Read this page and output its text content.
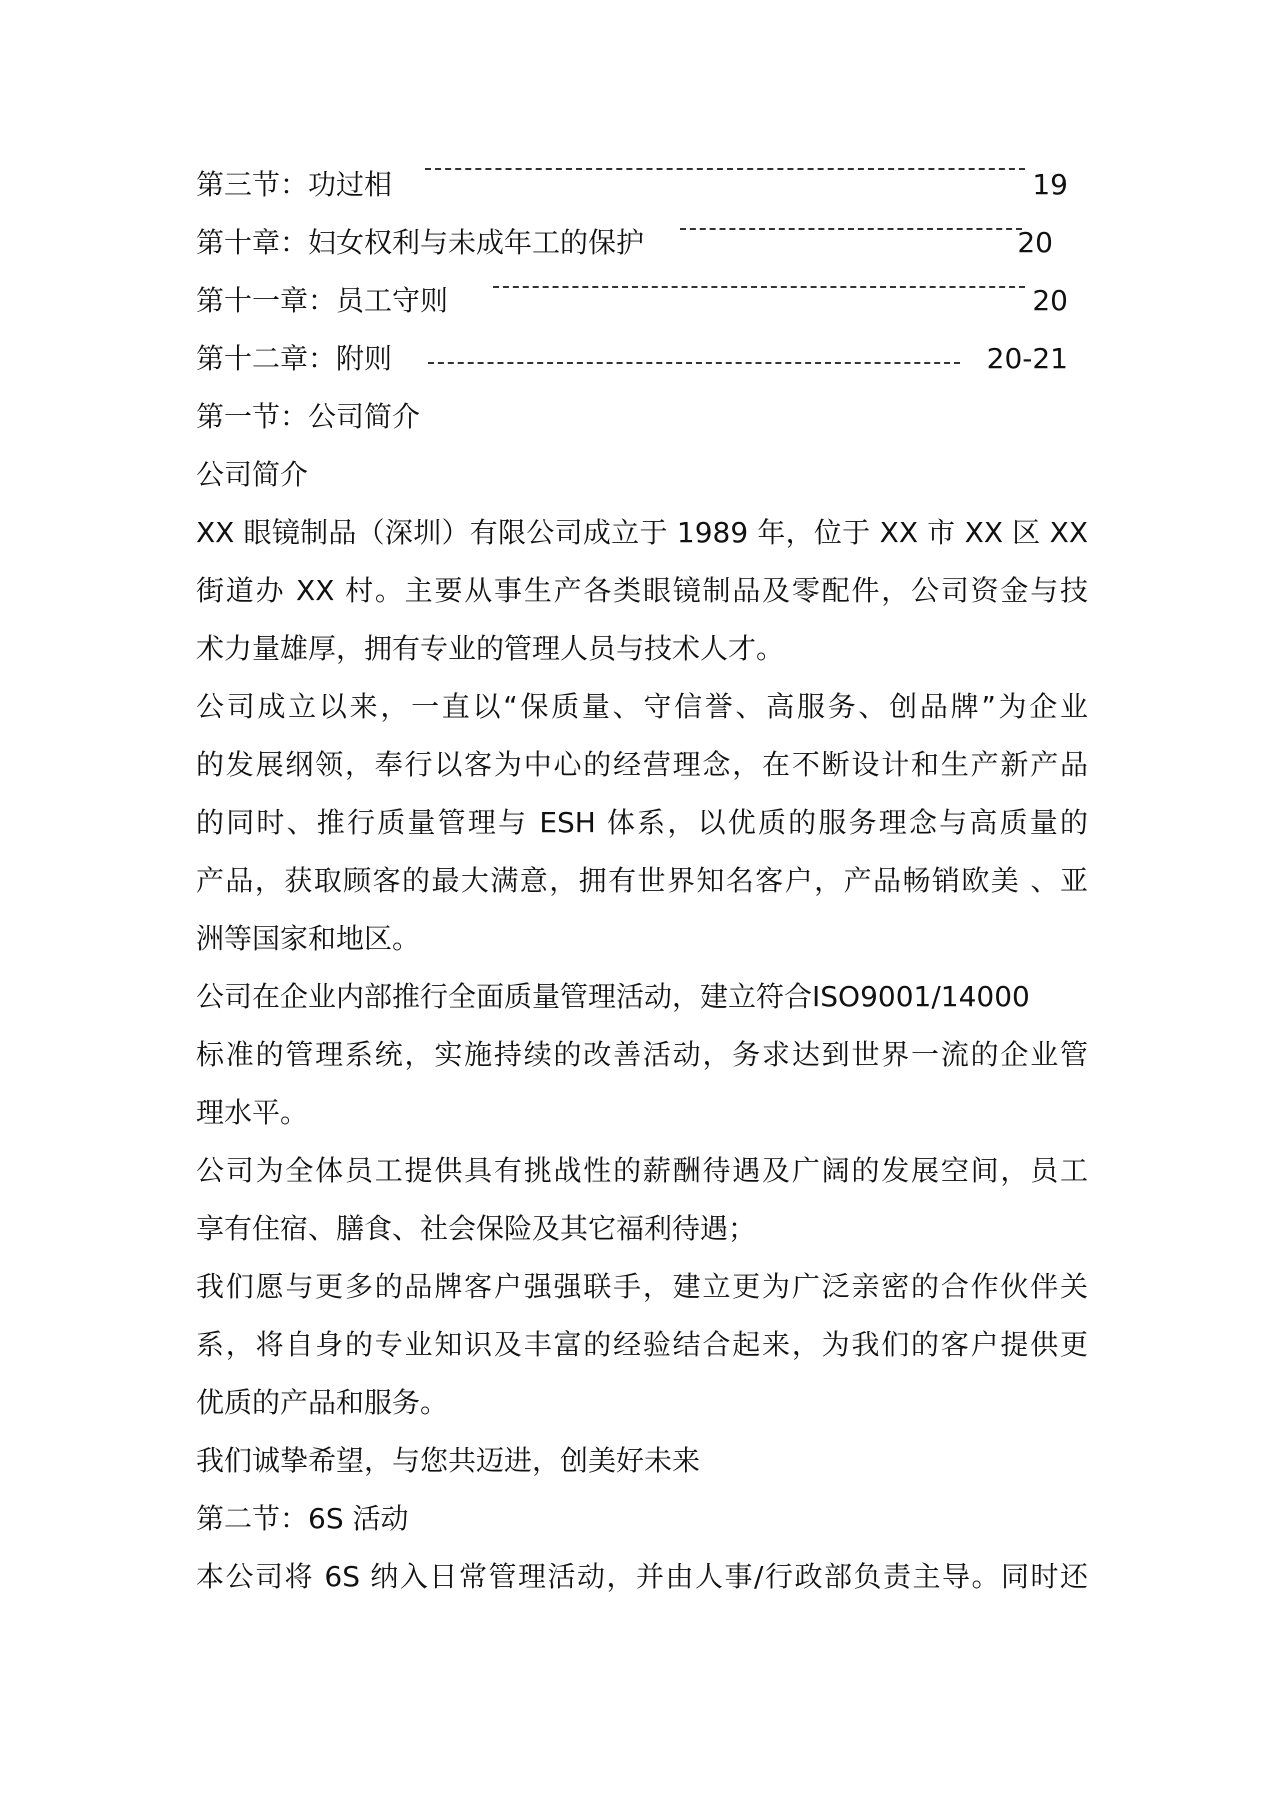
第三节：功过相	19
第十章：妇女权利与未成年工的保护	20
第十一章：员工守则	20
第十二章：附则	20-21
第一节：公司简介
公司简介
XX 眼镜制品（深圳）有限公司成立于 1989 年，位于 XX 市 XX 区 XX
街道办 XX 村。主要从事生产各类眼镜制品及零配件，公司资金与技
术力量雄厚，拥有专业的管理人员与技术人才。
公司成立以来，一直以“保质量、守信誉、高服务、创品牌”为企业
的发展纲领，奉行以客为中心的经营理念，在不断设计和生产新产品
的同时、推行质量管理与 ESH 体系，以优质的服务理念与高质量的
产品，获取顾客的最大满意，拥有世界知名客户，产品畅销欧美 、亚
洲等国家和地区。
公司在企业内部推行全面质量管理活动，建立符合ISO9001/14000
标准的管理系统，实施持续的改善活动，务求达到世界一流的企业管
理水平。
公司为全体员工提供具有挑战性的薪酬待遇及广阔的发展空间，员工
享有住宿、膳食、社会保险及其它福利待遇；
我们愿与更多的品牌客户强强联手，建立更为广泛亲密的合作伙伴关
系，将自身的专业知识及丰富的经验结合起来，为我们的客户提供更
优质的产品和服务。
我们诚挚希望，与您共迈进，创美好未来
第二节：6S 活动
本公司将 6S 纳入日常管理活动，并由人事/行政部负责主导。同时还
